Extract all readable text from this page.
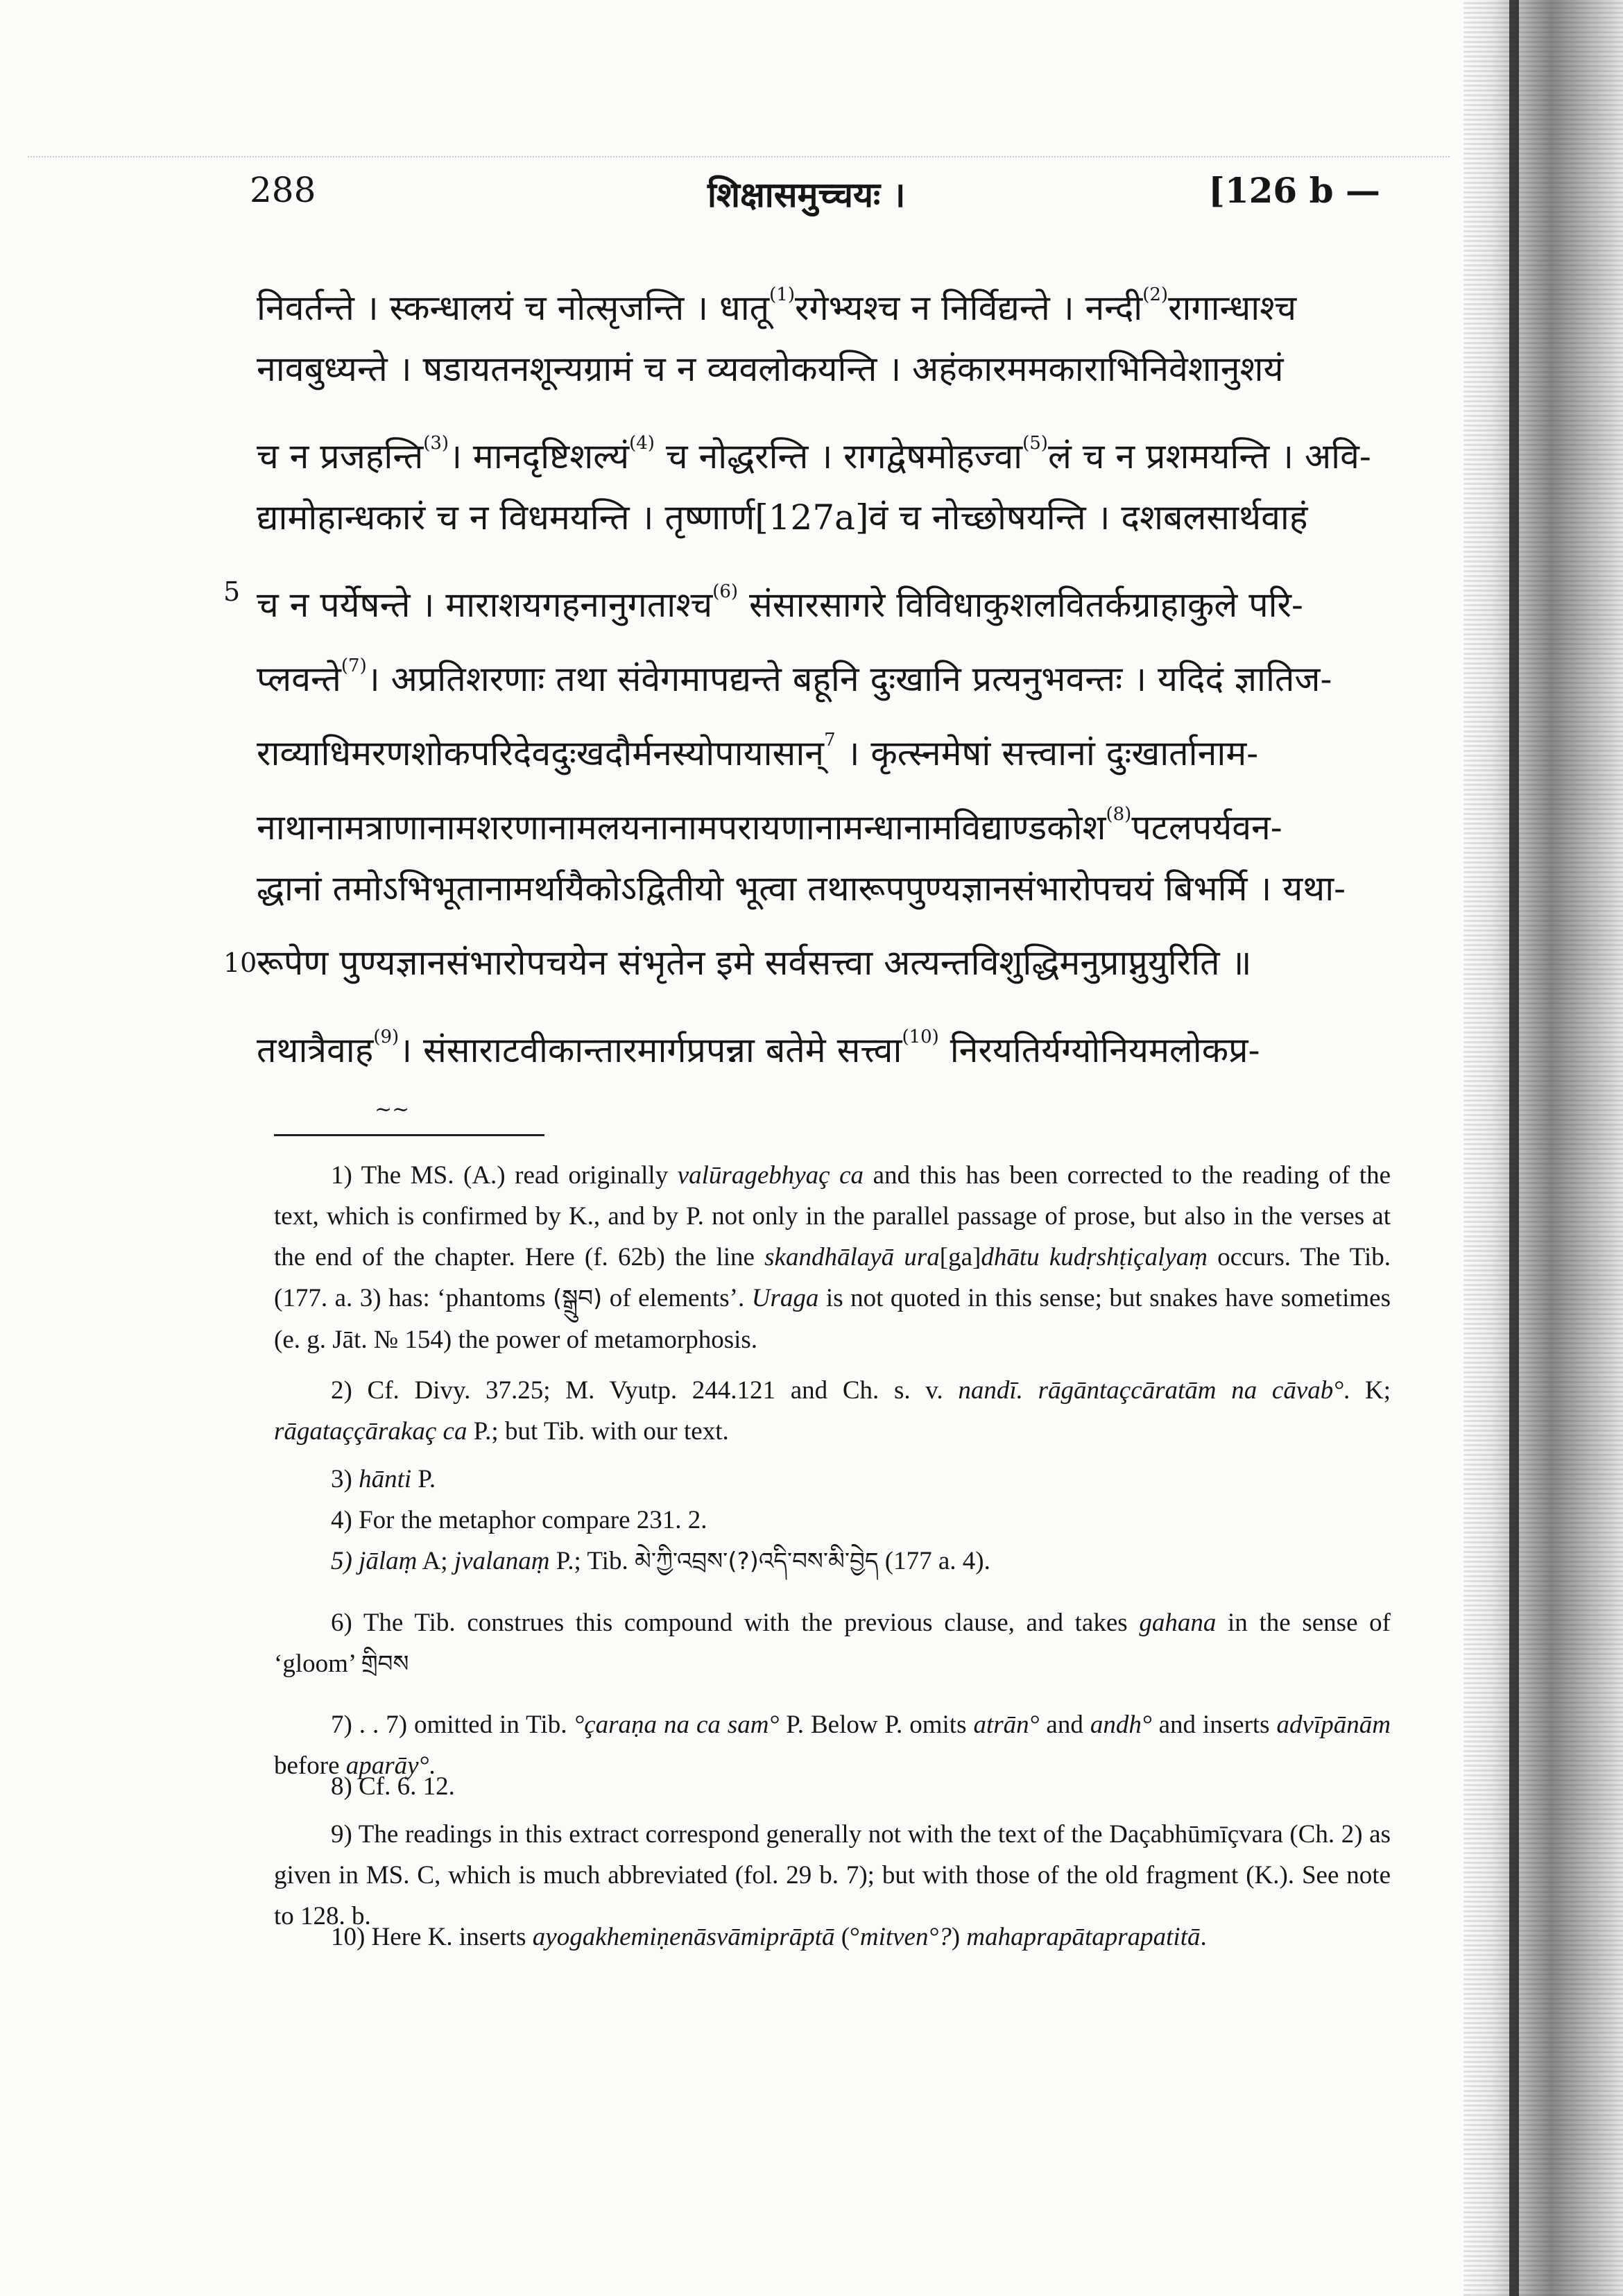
288	शिक्षासमुच्चयः ।	[126 b —
निवर्तन्ते । स्कन्धालयं च नोत्सृजन्ति । धातू$^{(1)}$रगेभ्यश्च न निर्विद्यन्ते । नन्दी$^{(2)}$रागान्धाश्च
नावबुध्यन्ते । षडायतनशून्यग्रामं च न व्यवलोकयन्ति । अहंकारममकाराभिनिवेशानुशयं
च न प्रजहन्ति$^{(3)}$। मानदृष्टिशल्यं$^{(4)}$ च नोद्धरन्ति । रागद्वेषमोहज्वा$^{(5)}$लं च न प्रशमयन्ति । अवि-
द्यामोहान्धकारं च न विधमयन्ति । तृष्णार्ण[127a]वं च नोच्छोषयन्ति । दशबलसार्थवाहं
5 च न पर्येषन्ते । माराशयगहनानुगताश्च$^{(6)}$ संसारसागरे विविधाकुशलवितर्कग्राहाकुले परि-
प्लवन्ते$^{(7)}$। अप्रतिशरणाः तथा संवेगमापद्यन्ते बहूनि दुःखानि प्रत्यनुभवन्तः । यदिदं ज्ञातिज-
राव्याधिमरणशोकपरिदेवदुःखदौर्मनस्योपायासान्$^7$ । कृत्स्नमेषां सत्त्वानां दुःखार्तानाम-
नाथानामत्राणानामशरणानामलयनानामपरायणानामन्धानामविद्याण्डकोश$^{(8)}$पटलपर्यवन-
द्धानां तमोऽभिभूतानामर्थायैकोऽद्वितीयो भूत्वा तथारूपपुण्यज्ञानसंभारोपचयं बिभर्मि । यथा-
10 रूपेण पुण्यज्ञानसंभारोपचयेन संभृतेन इमे सर्वसत्त्वा अत्यन्तविशुद्धिमनुप्राप्नुयुरिति ॥
तथात्रैवाह$^{(9)}$। संसाराटवीकान्तारमार्गप्रपन्ना बतेमे सत्त्वा$^{(10)}$ निरयतिर्यग्योनियमलोकप्र-
~~
1) The MS. (A.) read originally valūragebhyaç ca and this has been corrected to the reading of the text, which is confirmed by K., and by P. not only in the parallel passage of prose, but also in the verses at the end of the chapter. Here (f. 62b) the line skandhālayā ura[ga]dhātu kudṛshṭiçalyaṃ occurs. The Tib. (177. a. 3) has: ‘phantoms (སྒྲུབ) of elements’. Uraga is not quoted in this sense; but snakes have sometimes (e. g. Jāt. № 154) the power of metamorphosis.
2) Cf. Divy. 37.25; M. Vyutp. 244.121 and Ch. s. v. nandī. rāgāntaçcāratām na cāvab°. K; rāgataççārakaç ca P.; but Tib. with our text.
3) hānti P.
4) For the metaphor compare 231. 2.
5) jālaṃ A; jvalanaṃ P.; Tib. མེ་ཀྱི་འབྲས་(?)འདི་བས་མི་བྱེད (177 a. 4).
6) The Tib. construes this compound with the previous clause, and takes gahana in the sense of ‘gloom’ གྲིབས
7) . . 7) omitted in Tib. °çaraṇa na ca sam° P. Below P. omits atrān° and andh° and inserts advīpānām before aparāy°.
8) Cf. 6. 12.
9) The readings in this extract correspond generally not with the text of the Daçabhūmīçvara (Ch. 2) as given in MS. C, which is much abbreviated (fol. 29 b. 7); but with those of the old fragment (K.). See note to 128. b.
10) Here K. inserts ayogakhemiṇenāsvāmiprāptā (°mitven°?) mahaprapātaprapatitā.
